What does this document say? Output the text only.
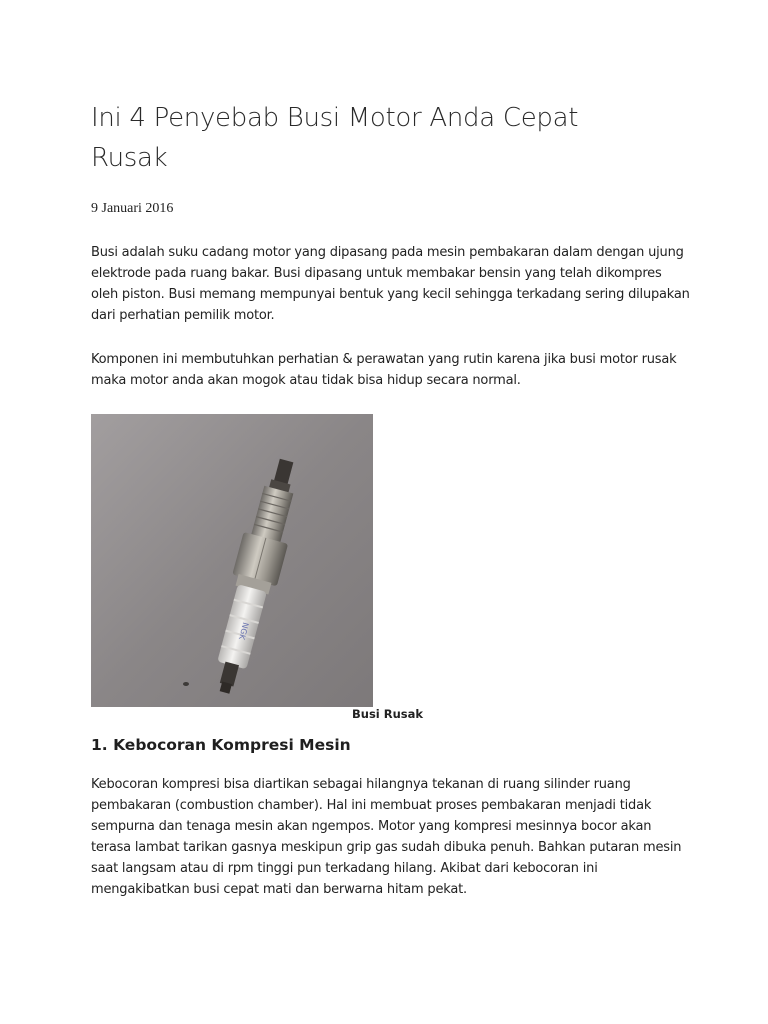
Ini 4 Penyebab Busi Motor Anda Cepat Rusak
9 Januari 2016

Busi adalah suku cadang motor yang dipasang pada mesin pembakaran dalam dengan ujung elektrode pada ruang bakar. Busi dipasang untuk membakar bensin yang telah dikompres oleh piston. Busi memang mempunyai bentuk yang kecil sehingga terkadang sering dilupakan dari perhatian pemilik motor.

Komponen ini membutuhkan perhatian & perawatan yang rutin karena jika busi motor rusak maka motor anda akan mogok atau tidak bisa hidup secara normal.

NGK
Busi Rusak
1. Kebocoran Kompresi Mesin

Kebocoran kompresi bisa diartikan sebagai hilangnya tekanan di ruang silinder ruang pembakaran (combustion chamber). Hal ini membuat proses pembakaran menjadi tidak sempurna dan tenaga mesin akan ngempos. Motor yang kompresi mesinnya bocor akan terasa lambat tarikan gasnya meskipun grip gas sudah dibuka penuh. Bahkan putaran mesin saat langsam atau di rpm tinggi pun terkadang hilang. Akibat dari kebocoran ini mengakibatkan busi cepat mati dan berwarna hitam pekat.
